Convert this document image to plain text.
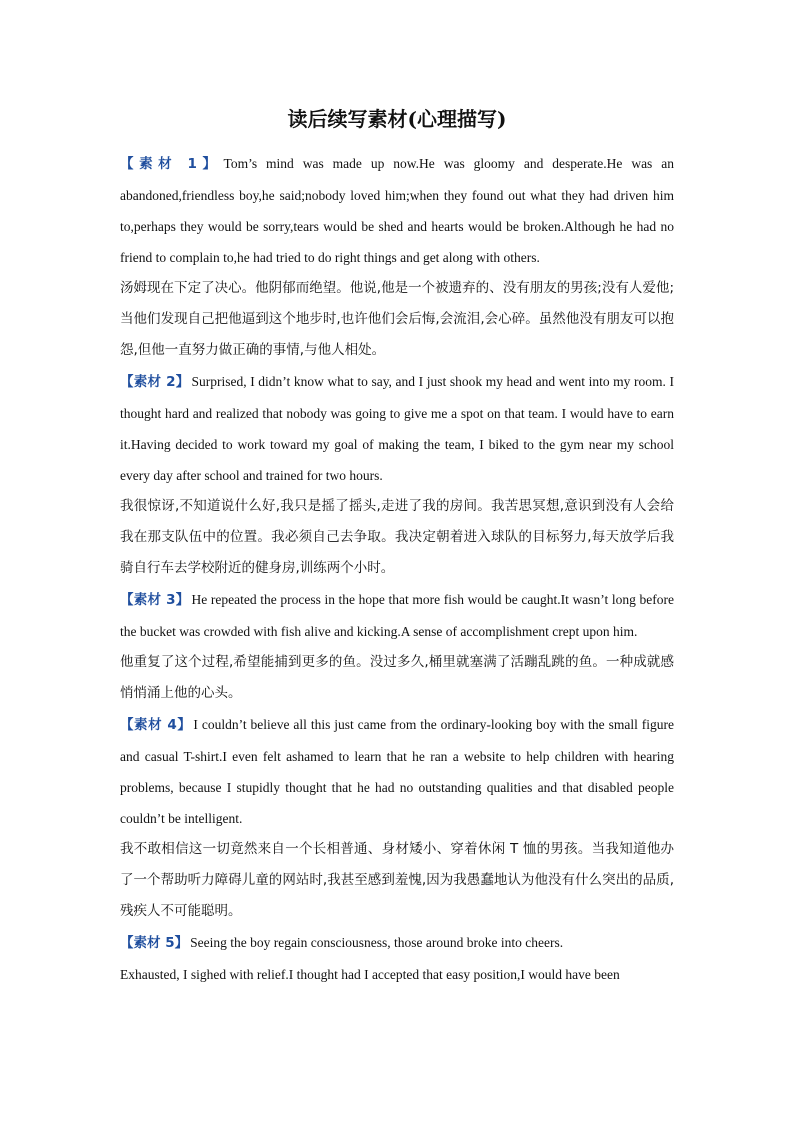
读后续写素材(心理描写)

【素材 1】 Tom’s mind was made up now.He was gloomy and desperate.He was an abandoned,friendless boy,he said;nobody loved him;when they found out what they had driven him to,perhaps they would be sorry,tears would be shed and hearts would be broken.Although he had no friend to complain to,he had tried to do right things and get along with others.

汤姆现在下定了决心。他阴郁而绝望。他说,他是一个被遗弃的、没有朋友的男孩;没有人爱他;当他们发现自己把他逼到这个地步时,也许他们会后悔,会流泪,会心碎。虽然他没有朋友可以抱怨,但他一直努力做正确的事情,与他人相处。

【素材 2】 Surprised, I didn’t know what to say, and I just shook my head and went into my room. I thought hard and realized that nobody was going to give me a spot on that team. I would have to earn it.Having decided to work toward my goal of making the team, I biked to the gym near my school every day after school and trained for two hours.

我很惊讶,不知道说什么好,我只是摇了摇头,走进了我的房间。我苦思冥想,意识到没有人会给我在那支队伍中的位置。我必须自己去争取。我决定朝着进入球队的目标努力,每天放学后我骑自行车去学校附近的健身房,训练两个小时。

【素材 3】 He repeated the process in the hope that more fish would be caught.It wasn’t long before the bucket was crowded with fish alive and kicking.A sense of accomplishment crept upon him.

他重复了这个过程,希望能捕到更多的鱼。没过多久,桶里就塞满了活蹦乱跳的鱼。一种成就感悄悄涌上他的心头。

【素材 4】 I couldn’t believe all this just came from the ordinary-looking boy with the small figure and casual T-shirt.I even felt ashamed to learn that he ran a website to help children with hearing problems, because I stupidly thought that he had no outstanding qualities and that disabled people couldn’t be intelligent.

我不敢相信这一切竟然来自一个长相普通、身材矮小、穿着休闲 T 恤的男孩。当我知道他办了一个帮助听力障碍儿童的网站时,我甚至感到羞愧,因为我愚蠢地认为他没有什么突出的品质,残疾人不可能聪明。

【素材 5】 Seeing the boy regain consciousness, those around broke into cheers.

Exhausted, I sighed with relief.I thought had I accepted that easy position,I would have been
